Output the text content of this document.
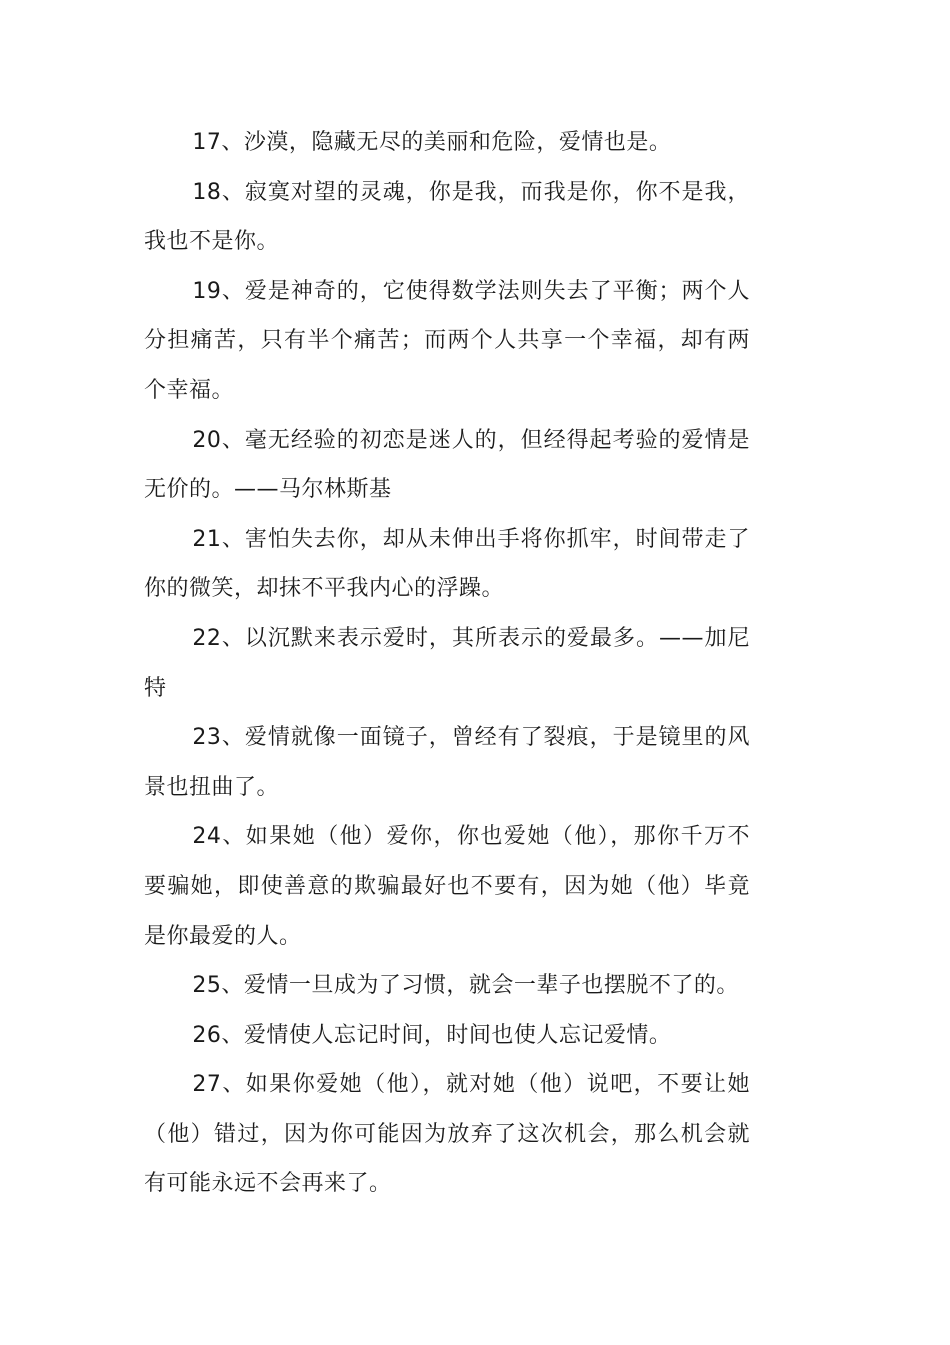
17、沙漠，隐藏无尽的美丽和危险，爱情也是。

18、寂寞对望的灵魂，你是我，而我是你，你不是我，我也不是你。

19、爱是神奇的，它使得数学法则失去了平衡；两个人分担痛苦，只有半个痛苦；而两个人共享一个幸福，却有两个幸福。

20、毫无经验的初恋是迷人的，但经得起考验的爱情是无价的。——马尔林斯基

21、害怕失去你，却从未伸出手将你抓牢，时间带走了你的微笑，却抹不平我内心的浮躁。

22、以沉默来表示爱时，其所表示的爱最多。——加尼特

23、爱情就像一面镜子，曾经有了裂痕，于是镜里的风景也扭曲了。

24、如果她（他）爱你，你也爱她（他），那你千万不要骗她，即使善意的欺骗最好也不要有，因为她（他）毕竟是你最爱的人。

25、爱情一旦成为了习惯，就会一辈子也摆脱不了的。

26、爱情使人忘记时间，时间也使人忘记爱情。

27、如果你爱她（他），就对她（他）说吧，不要让她（他）错过，因为你可能因为放弃了这次机会，那么机会就有可能永远不会再来了。
